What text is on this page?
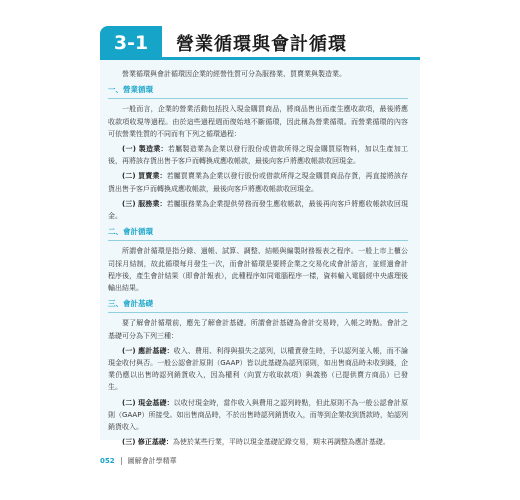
3-1	營業循環與會計循環

營業循環與會計循環因企業的經營性質可分為服務業、買賣業與製造業。

一、營業循環

一般而言，企業的營業活動包括投入現金購買商品，將商品售出而產生應收款項，最後將應收款項收現等過程。由於這些過程週而復始地不斷循環，因此稱為營業循環。而營業循環的內容可依營業性質的不同而有下列之循環過程：

(一) 製造業：若屬製造業為企業以發行股份或借款所得之現金購買原物料，加以生產加工後，再將該存貨出售予客戶而轉換成應收帳款，最後向客戶將應收帳款收回現金。

(二) 買賣業：若屬買賣業為企業以發行股份或借款所得之現金購買商品存貨，再直接將該存貨出售予客戶而轉換成應收帳款，最後向客戶將應收帳款收回現金。

(三) 服務業：若屬服務業為企業提供勞務而發生應收帳款，最後再向客戶將應收帳款收回現金。

二、會計循環

所謂會計循環是指分錄、過帳、試算、調整、結帳與編製財務報表之程序。一般上市上櫃公司採月結制，故此循環每月發生一次，而會計循環是要將企業之交易化成會計語言，並經過會計程序後，產生會計結果（即會計報表），此種程序如同電腦程序一樣，資料輸入電腦經中央處理後輸出結果。

三、會計基礎

要了解會計循環前，應先了解會計基礎。所謂會計基礎為會計交易時，入帳之時點。會計之基礎可分為下列三種：

(一) 應計基礎：收入、費用、利得與損失之認列，以權責發生時，予以認列並入帳，而不論現金收付與否。一般公認會計原則（GAAP）皆以此基礎為認列原則，如出售商品時未收到錢，企業仍應以出售時認列銷貨收入，因為權利（向買方收取款項）與義務（已提供賣方商品）已發生。

(二) 現金基礎：以收付現金時，當作收入與費用之認列時點，但此原則不為一般公認會計原則（GAAP）所接受。如出售商品時，不於出售時認列銷貨收入，而等到企業收到貨款時，始認列銷貨收入。

(三) 修正基礎：為使於某些行業，平時以現金基礎記錄交易，期末再調整為應計基礎。

052 圖解會計學精華
